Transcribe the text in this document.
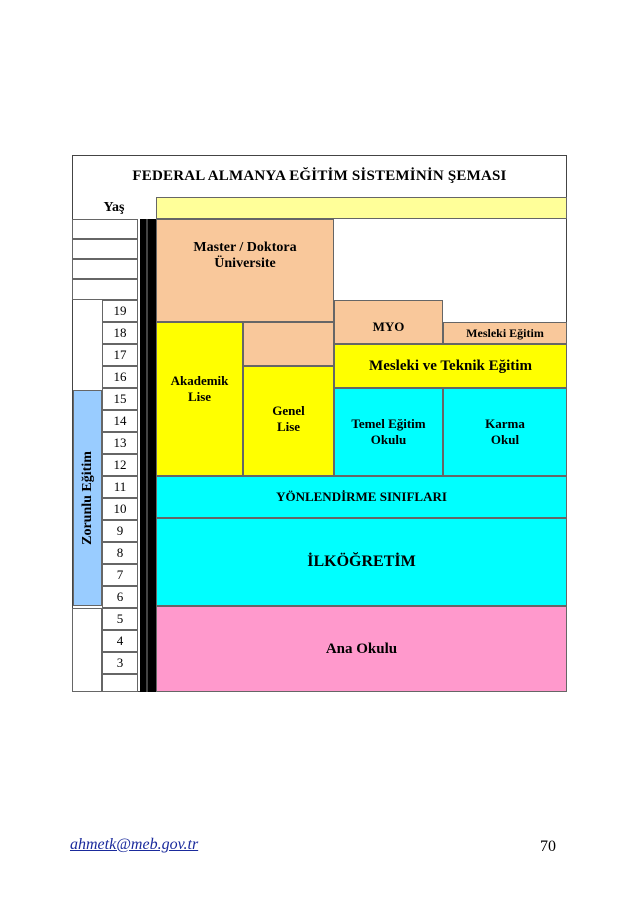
FEDERAL ALMANYA EĞİTİM SİSTEMİNİN ŞEMASI
Yaş
Zorunlu Eğitim
19
18
17
16
15
14
13
12
11
10
9
8
7
6
5
4
3
Master / Doktora
Üniversite
MYO	Mesleki Eğitim
Akademik
Lise
Genel
Lise
Mesleki ve Teknik Eğitim
Temel Eğitim
Okulu
Karma
Okul
YÖNLENDİRME SINIFLARI
İLKÖĞRETİM
Ana Okulu
ahmetk@meb.gov.tr	70
